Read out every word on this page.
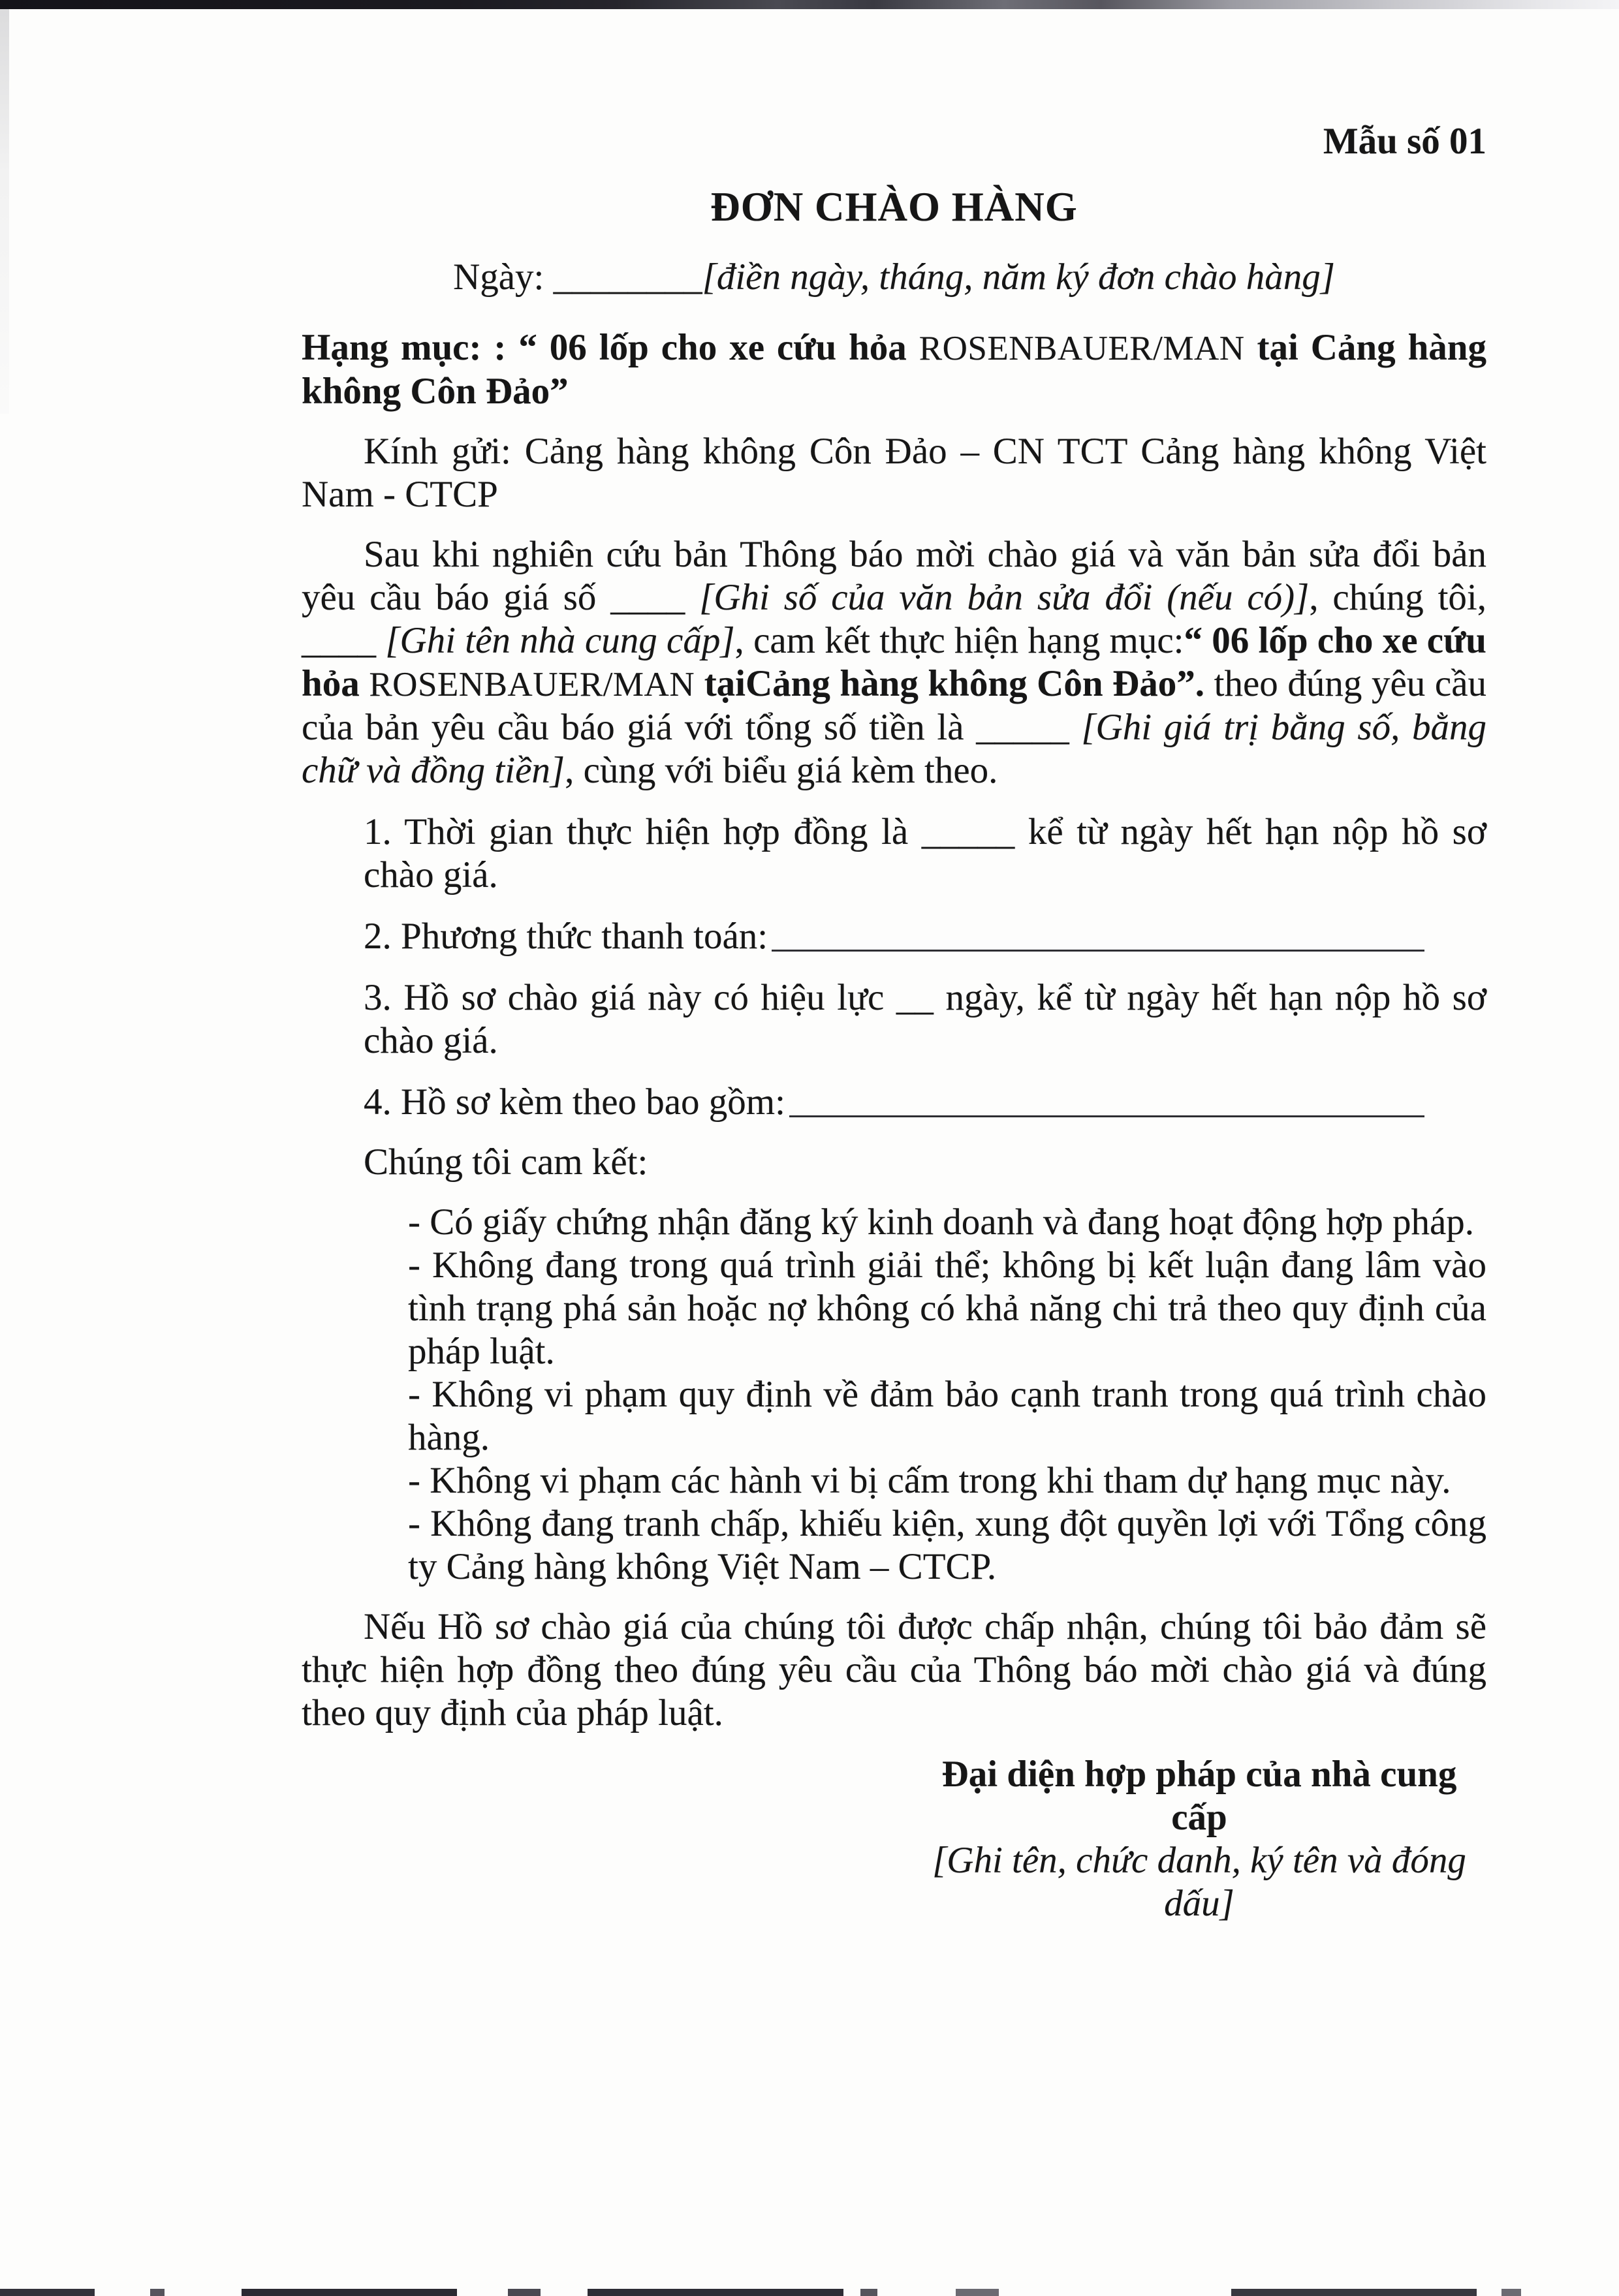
Mẫu số 01

ĐƠN CHÀO HÀNG

Ngày: ________[điền ngày, tháng, năm ký đơn chào hàng]

Hạng mục: : “ 06 lốp cho xe cứu hỏa ROSENBAUER/MAN tại Cảng hàng không Côn Đảo”

Kính gửi: Cảng hàng không Côn Đảo – CN TCT Cảng hàng không Việt Nam - CTCP

Sau khi nghiên cứu bản Thông báo mời chào giá và văn bản sửa đổi bản yêu cầu báo giá số ____ [Ghi số của văn bản sửa đổi (nếu có)], chúng tôi, ____ [Ghi tên nhà cung cấp], cam kết thực hiện hạng mục:“ 06 lốp cho xe cứu hỏa ROSENBAUER/MAN tạiCảng hàng không Côn Đảo”. theo đúng yêu cầu của bản yêu cầu báo giá với tổng số tiền là _____ [Ghi giá trị bằng số, bằng chữ và đồng tiền], cùng với biểu giá kèm theo.

1. Thời gian thực hiện hợp đồng là _____ kể từ ngày hết hạn nộp hồ sơ chào giá.

2. Phương thức thanh toán:

3. Hồ sơ chào giá này có hiệu lực __ ngày, kể từ ngày hết hạn nộp hồ sơ chào giá.

4. Hồ sơ kèm theo bao gồm:

Chúng tôi cam kết:

- Có giấy chứng nhận đăng ký kinh doanh và đang hoạt động hợp pháp.

- Không đang trong quá trình giải thể; không bị kết luận đang lâm vào tình trạng phá sản hoặc nợ không có khả năng chi trả theo quy định của pháp luật.

- Không vi phạm quy định về đảm bảo cạnh tranh trong quá trình chào hàng.

- Không vi phạm các hành vi bị cấm trong khi tham dự hạng mục này.

- Không đang tranh chấp, khiếu kiện, xung đột quyền lợi với Tổng công ty Cảng hàng không Việt Nam – CTCP.

Nếu Hồ sơ chào giá của chúng tôi được chấp nhận, chúng tôi bảo đảm sẽ thực hiện hợp đồng theo đúng yêu cầu của Thông báo mời chào giá và đúng theo quy định của pháp luật.

Đại diện hợp pháp của nhà cung cấp

[Ghi tên, chức danh, ký tên và đóng dấu]
